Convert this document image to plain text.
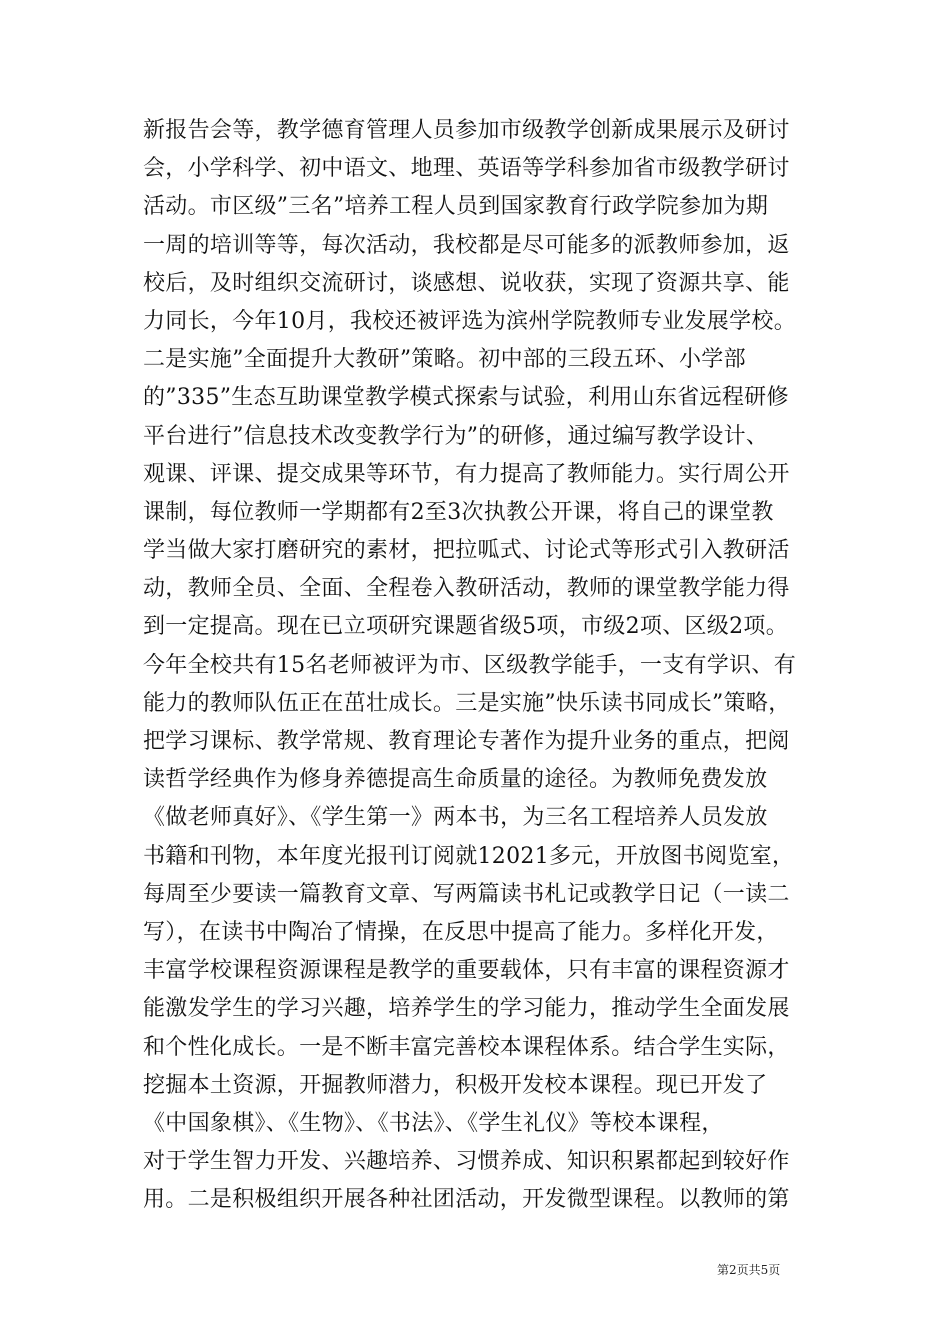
新报告会等，教学德育管理人员参加市级教学创新成果展示及研讨
会，小学科学、初中语文、地理、英语等学科参加省市级教学研讨
活动。市区级”三名”培养工程人员到国家教育行政学院参加为期
一周的培训等等，每次活动，我校都是尽可能多的派教师参加，返
校后，及时组织交流研讨，谈感想、说收获，实现了资源共享、能
力同长，今年10月，我校还被评选为滨州学院教师专业发展学校。
二是实施”全面提升大教研”策略。初中部的三段五环、小学部
的”335”生态互助课堂教学模式探索与试验，利用山东省远程研修
平台进行”信息技术改变教学行为”的研修，通过编写教学设计、
观课、评课、提交成果等环节，有力提高了教师能力。实行周公开
课制，每位教师一学期都有2至3次执教公开课，将自己的课堂教
学当做大家打磨研究的素材，把拉呱式、讨论式等形式引入教研活
动，教师全员、全面、全程卷入教研活动，教师的课堂教学能力得
到一定提高。现在已立项研究课题省级5项，市级2项、区级2项。
今年全校共有15名老师被评为市、区级教学能手，一支有学识、有
能力的教师队伍正在茁壮成长。三是实施”快乐读书同成长”策略，
把学习课标、教学常规、教育理论专著作为提升业务的重点，把阅
读哲学经典作为修身养德提高生命质量的途径。为教师免费发放
《做老师真好》、《学生第一》两本书，为三名工程培养人员发放
书籍和刊物，本年度光报刊订阅就12021多元，开放图书阅览室，
每周至少要读一篇教育文章、写两篇读书札记或教学日记（一读二
写），在读书中陶冶了情操，在反思中提高了能力。多样化开发，
丰富学校课程资源课程是教学的重要载体，只有丰富的课程资源才
能激发学生的学习兴趣，培养学生的学习能力，推动学生全面发展
和个性化成长。一是不断丰富完善校本课程体系。结合学生实际，
挖掘本土资源，开掘教师潜力，积极开发校本课程。现已开发了
《中国象棋》、《生物》、《书法》、《学生礼仪》等校本课程，
对于学生智力开发、兴趣培养、习惯养成、知识积累都起到较好作
用。二是积极组织开展各种社团活动，开发微型课程。以教师的第
第2页共5页
